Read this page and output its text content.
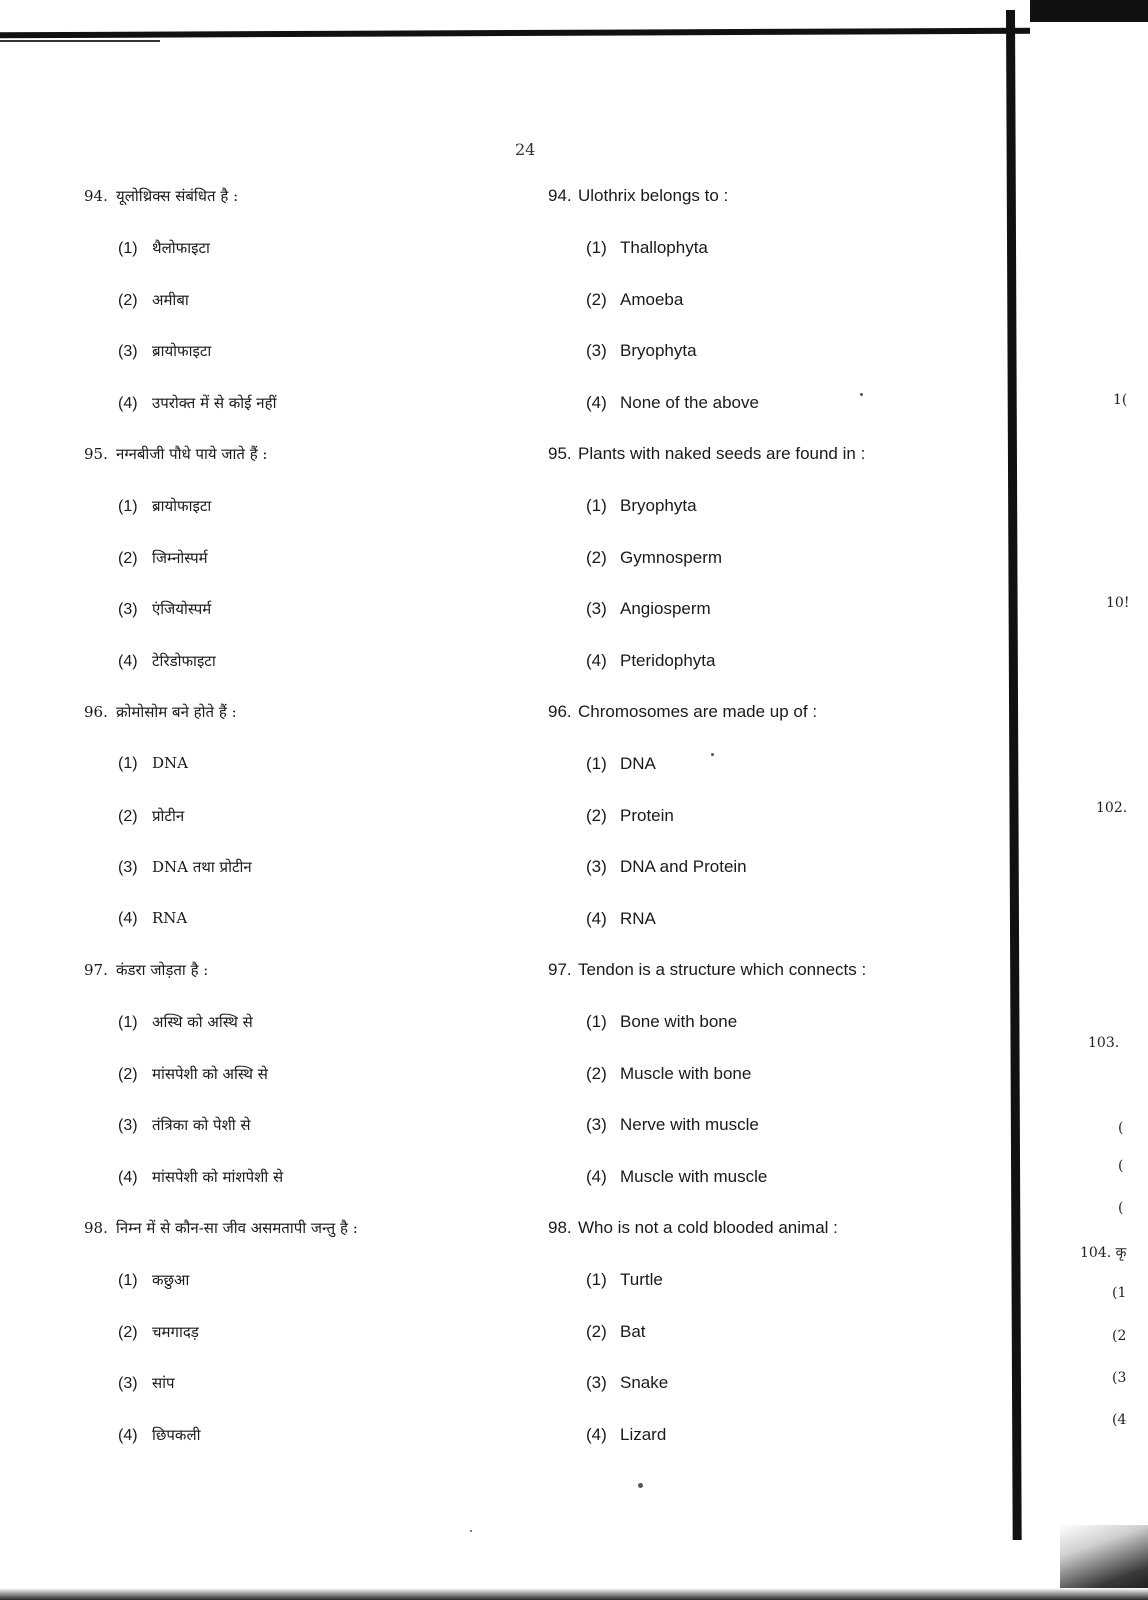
24
94. यूलोथ्रिक्स संबंधित है :
(1) थैलोफाइटा
(2) अमीबा
(3) ब्रायोफाइटा
(4) उपरोक्त में से कोई नहीं
95. नग्नबीजी पौधे पाये जाते हैं :
(1) ब्रायोफाइटा
(2) जिम्नोस्पर्म
(3) एंजियोस्पर्म
(4) टेरिडोफाइटा
96. क्रोमोसोम बने होते हैं :
(1) DNA
(2) प्रोटीन
(3) DNA तथा प्रोटीन
(4) RNA
97. कंडरा जोड़ता है :
(1) अस्थि को अस्थि से
(2) मांसपेशी को अस्थि से
(3) तंत्रिका को पेशी से
(4) मांसपेशी को मांशपेशी से
98. निम्न में से कौन-सा जीव असमतापी जन्तु है :
(1) कछुआ
(2) चमगादड़
(3) सांप
(4) छिपकली
94. Ulothrix belongs to :
(1) Thallophyta
(2) Amoeba
(3) Bryophyta
(4) None of the above
95. Plants with naked seeds are found in :
(1) Bryophyta
(2) Gymnosperm
(3) Angiosperm
(4) Pteridophyta
96. Chromosomes are made up of :
(1) DNA
(2) Protein
(3) DNA and Protein
(4) RNA
97. Tendon is a structure which connects :
(1) Bone with bone
(2) Muscle with bone
(3) Nerve with muscle
(4) Muscle with muscle
98. Who is not a cold blooded animal :
(1) Turtle
(2) Bat
(3) Snake
(4) Lizard
1(
10!
102.
103.
(
(
(
104. कृ
(1
(2
(3
(4
